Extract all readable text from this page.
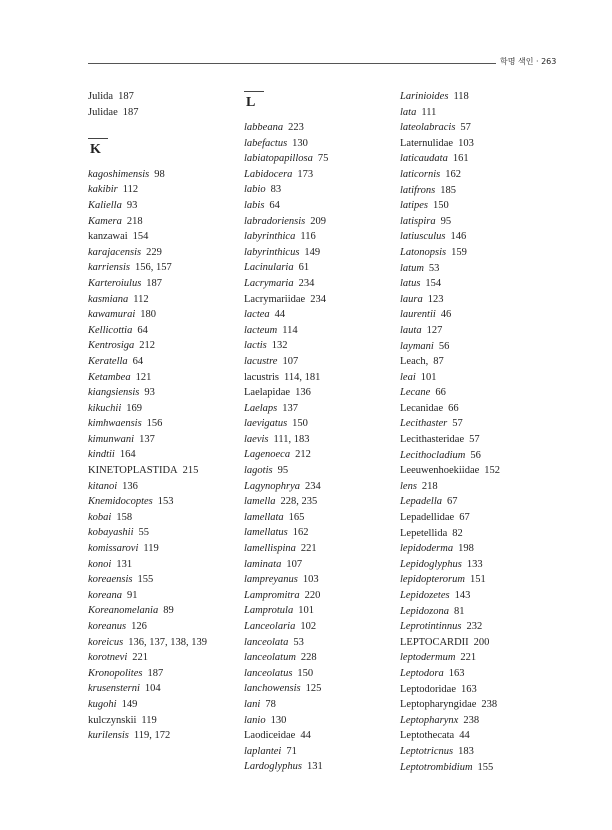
학명 색인 · 263
Julida 187
Julidae 187
K
kagoshimensis 98
kakibir 112
Kaliella 93
Kamera 218
kanzawai 154
karajacensis 229
karriensis 156, 157
Karteroiulus 187
kasmiana 112
kawamurai 180
Kellicottia 64
Kentrosiga 212
Keratella 64
Ketambea 121
kiangsiensis 93
kikuchii 169
kimhwaensis 156
kimunwani 137
kindtii 164
KINETOPLASTIDA 215
kitanoi 136
Knemidocoptes 153
kobai 158
kobayashii 55
komissarovi 119
konoi 131
koreaensis 155
koreana 91
Koreanomelania 89
koreanus 126
koreicus 136, 137, 138, 139
korotnevi 221
Kronopolites 187
krusensterni 104
kugohi 149
kulczynskii 119
kurilensis 119, 172
L
labbeana 223
labefactus 130
labiatopapillosa 75
Labidocera 173
labio 83
labis 64
labradoriensis 209
labyrinthica 116
labyrinthicus 149
Lacinularia 61
Lacrymaria 234
Lacrymariidae 234
lactea 44
lacteum 114
lactis 132
lacustre 107
lacustris 114, 181
Laelapidae 136
Laelaps 137
laevigatus 150
laevis 111, 183
Lagenoeca 212
lagotis 95
Lagynophrya 234
lamella 228, 235
lamellata 165
lamellatus 162
lamellispina 221
laminata 107
lampreyanus 103
Lampromitra 220
Lamprotula 101
Lanceolaria 102
lanceolata 53
lanceolatum 228
lanceolatus 150
lanchowensis 125
lani 78
lanio 130
Laodiceidae 44
laplantei 71
Lardoglyphus 131
Larinioides 118
lata 111
lateolabracis 57
Laternulidae 103
laticaudata 161
laticornis 162
latifrons 185
latipes 150
latispira 95
latiusculus 146
Latonopsis 159
latum 53
latus 154
laura 123
laurentii 46
lauta 127
laymani 56
Leach, 87
leai 101
Lecane 66
Lecanidae 66
Lecithaster 57
Lecithasteridae 57
Lecithocladium 56
Leeuwenhoekiidae 152
lens 218
Lepadella 67
Lepadellidae 67
Lepetellida 82
lepidoderma 198
Lepidoglyphus 133
lepidopterorum 151
Lepidozetes 143
Lepidozona 81
Leprotintinnus 232
LEPTOCARDII 200
leptodermum 221
Leptodora 163
Leptodoridae 163
Leptopharyngidae 238
Leptopharynx 238
Leptothecata 44
Leptotricnus 183
Leptotrombidium 155
